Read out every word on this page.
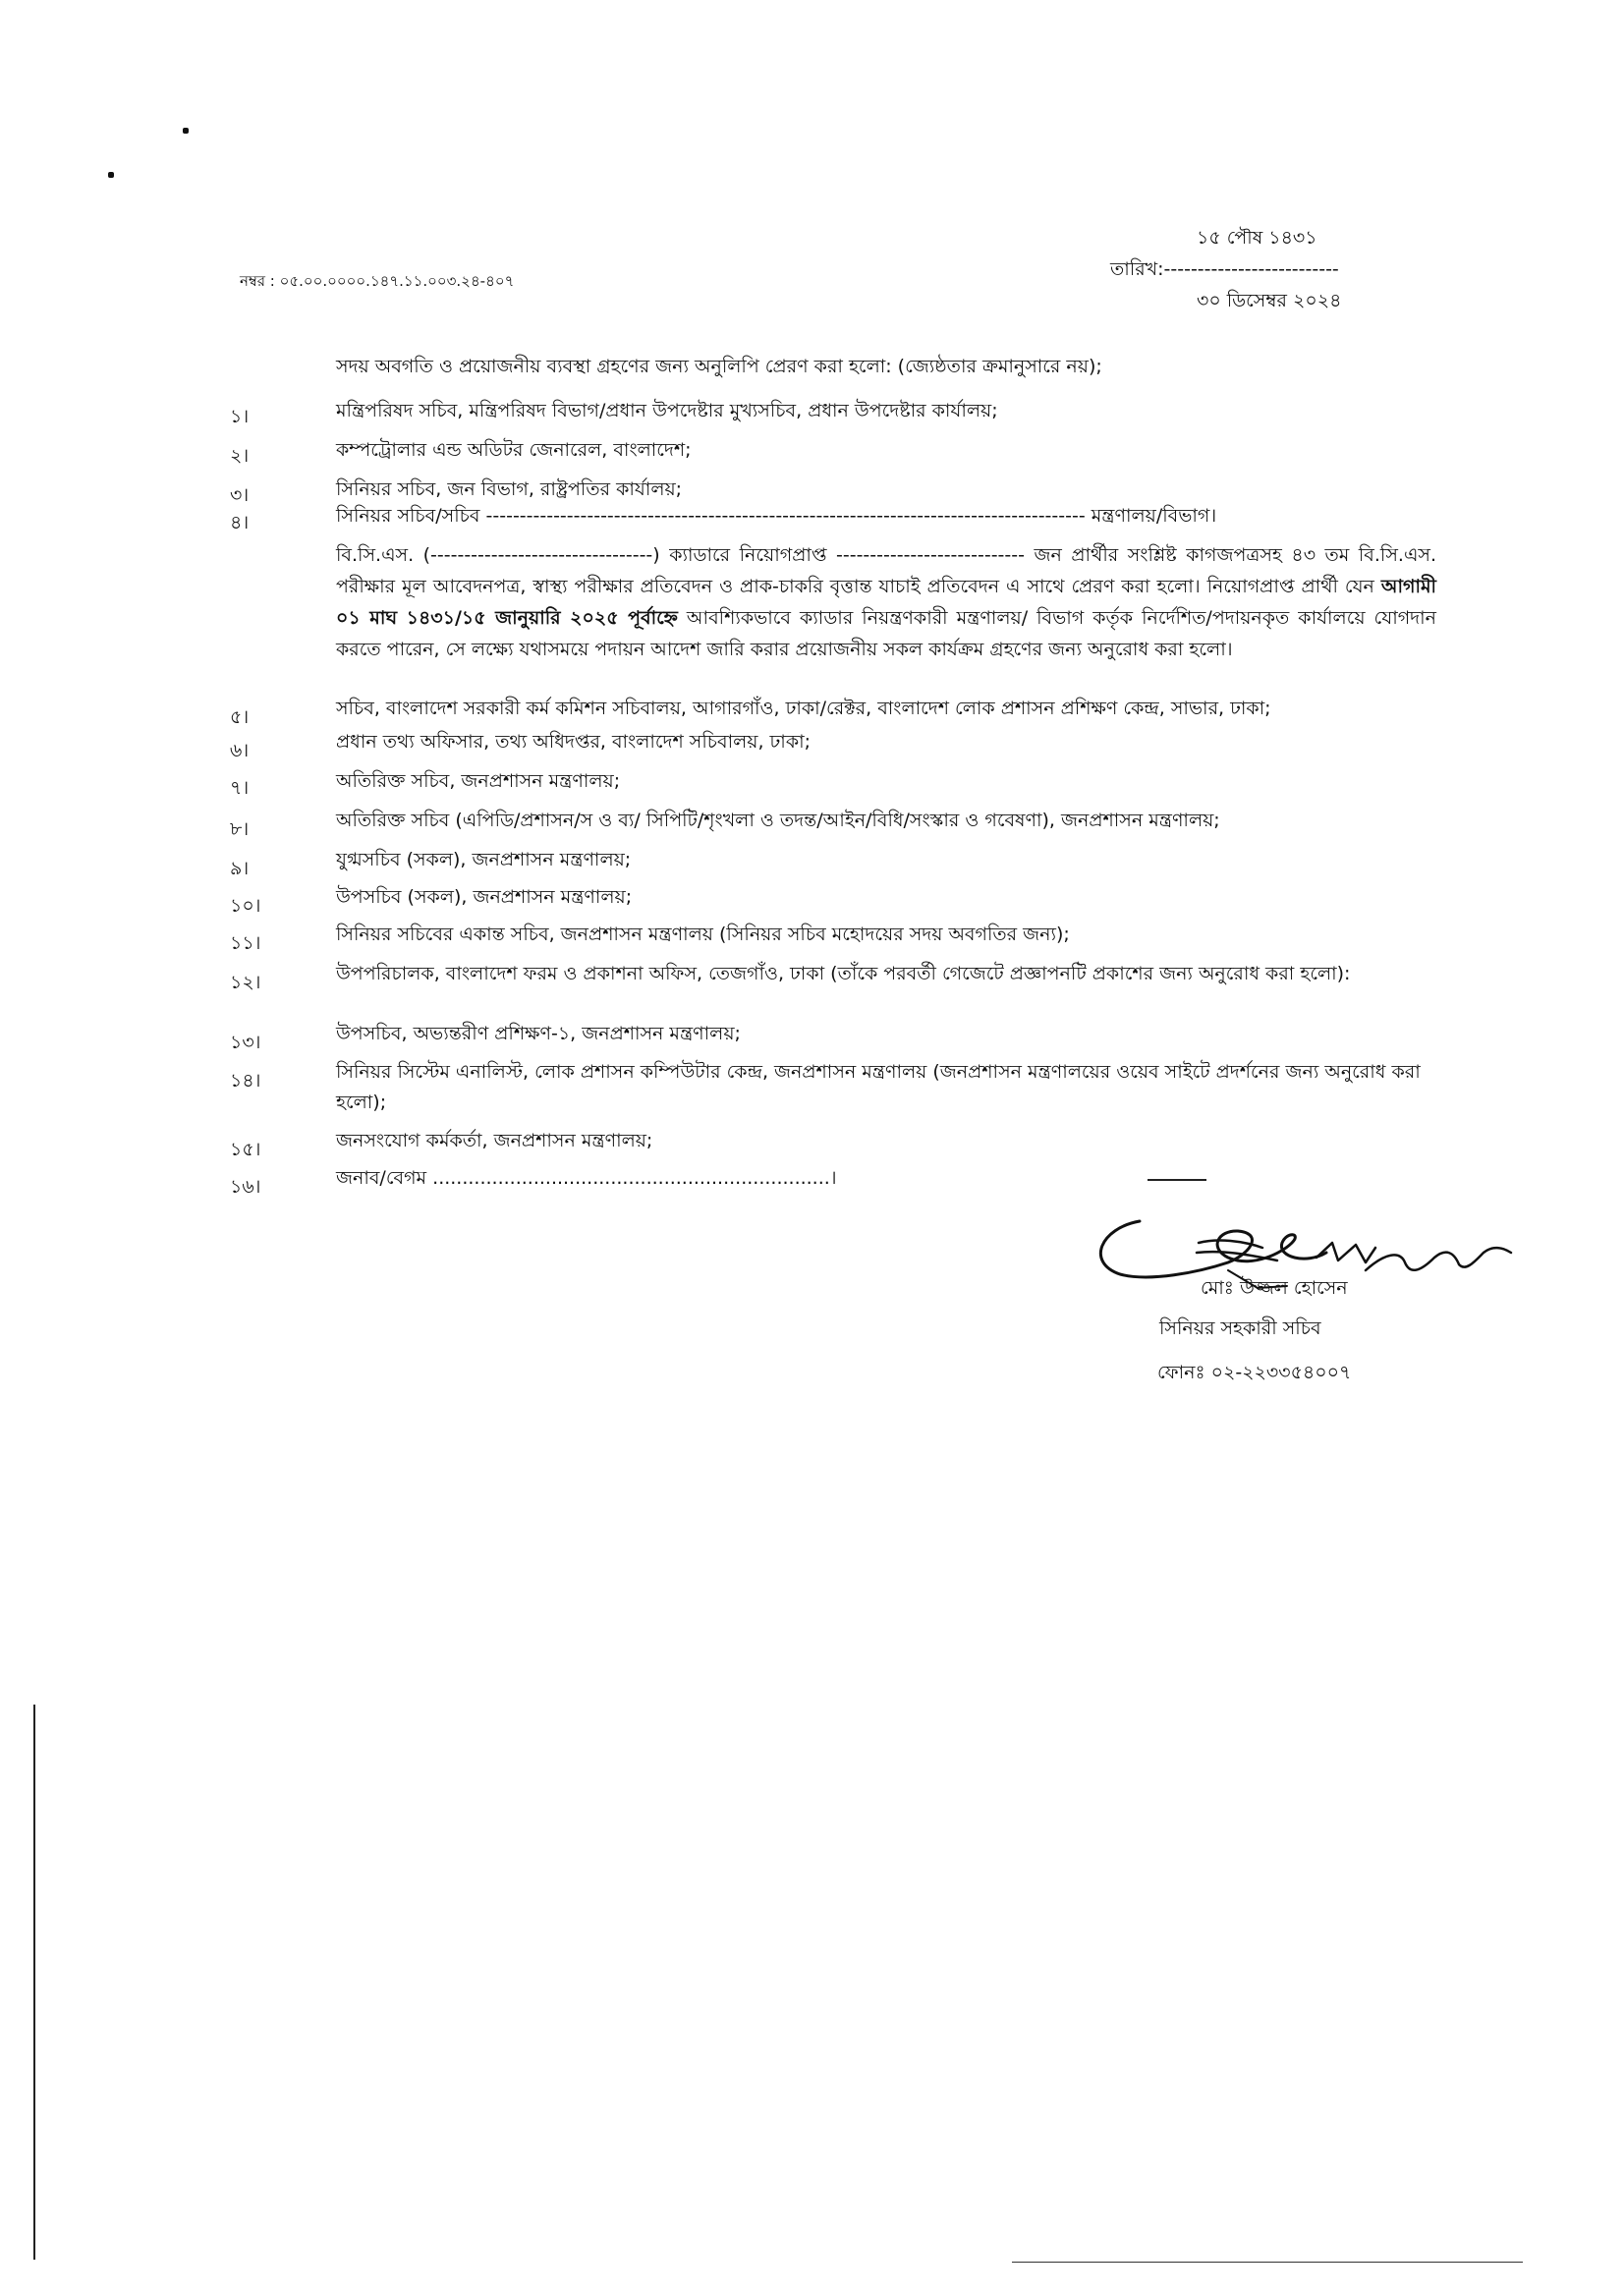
নম্বর : ০৫.০০.০০০০.১৪৭.১১.০০৩.২৪-৪০৭
১৫ পৌষ ১৪৩১
তারিখ:--------------------------
৩০ ডিসেম্বর ২০২৪
সদয় অবগতি ও প্রয়োজনীয় ব্যবস্থা গ্রহণের জন্য অনুলিপি প্রেরণ করা হলো: (জ্যেষ্ঠতার ক্রমানুসারে নয়);
১।	মন্ত্রিপরিষদ সচিব, মন্ত্রিপরিষদ বিভাগ/প্রধান উপদেষ্টার মুখ্যসচিব, প্রধান উপদেষ্টার কার্যালয়;
২।	কম্পট্রোলার এন্ড অডিটর জেনারেল, বাংলাদেশ;
৩।	সিনিয়র সচিব, জন বিভাগ, রাষ্ট্রপতির কার্যালয়;
৪।	সিনিয়র সচিব/সচিব ----------------------------------------------------------------------------------------- মন্ত্রণালয়/বিভাগ।
বি.সি.এস. (---------------------------------) ক্যাডারে নিয়োগপ্রাপ্ত ---------------------------- জন প্রার্থীর সংশ্লিষ্ট কাগজপত্রসহ ৪৩ তম বি.সি.এস. পরীক্ষার মূল আবেদনপত্র, স্বাস্থ্য পরীক্ষার প্রতিবেদন ও প্রাক-চাকরি বৃত্তান্ত যাচাই প্রতিবেদন এ সাথে প্রেরণ করা হলো। নিয়োগপ্রাপ্ত প্রার্থী যেন আগামী ০১ মাঘ ১৪৩১/১৫ জানুয়ারি ২০২৫ পূর্বাহ্নে আবশ্যিকভাবে ক্যাডার নিয়ন্ত্রণকারী মন্ত্রণালয়/ বিভাগ কর্তৃক নির্দেশিত/পদায়নকৃত কার্যালয়ে যোগদান করতে পারেন, সে লক্ষ্যে যথাসময়ে পদায়ন আদেশ জারি করার প্রয়োজনীয় সকল কার্যক্রম গ্রহণের জন্য অনুরোধ করা হলো।
৫।	সচিব, বাংলাদেশ সরকারী কর্ম কমিশন সচিবালয়, আগারগাঁও, ঢাকা/রেক্টর, বাংলাদেশ লোক প্রশাসন প্রশিক্ষণ কেন্দ্র, সাভার, ঢাকা;
৬।	প্রধান তথ্য অফিসার, তথ্য অধিদপ্তর, বাংলাদেশ সচিবালয়, ঢাকা;
৭।	অতিরিক্ত সচিব, জনপ্রশাসন মন্ত্রণালয়;
৮।	অতিরিক্ত সচিব (এপিডি/প্রশাসন/স ও ব্য/ সিপিটি/শৃংখলা ও তদন্ত/আইন/বিধি/সংস্কার ও গবেষণা), জনপ্রশাসন মন্ত্রণালয়;
৯।	যুগ্মসচিব (সকল), জনপ্রশাসন মন্ত্রণালয়;
১০।	উপসচিব (সকল), জনপ্রশাসন মন্ত্রণালয়;
১১।	সিনিয়র সচিবের একান্ত সচিব, জনপ্রশাসন মন্ত্রণালয় (সিনিয়র সচিব মহোদয়ের সদয় অবগতির জন্য);
১২।	উপপরিচালক, বাংলাদেশ ফরম ও প্রকাশনা অফিস, তেজগাঁও, ঢাকা (তাঁকে পরবর্তী গেজেটে প্রজ্ঞাপনটি প্রকাশের জন্য অনুরোধ করা হলো):
১৩।	উপসচিব, অভ্যন্তরীণ প্রশিক্ষণ-১, জনপ্রশাসন মন্ত্রণালয়;
১৪।	সিনিয়র সিস্টেম এনালিস্ট, লোক প্রশাসন কম্পিউটার কেন্দ্র, জনপ্রশাসন মন্ত্রণালয় (জনপ্রশাসন মন্ত্রণালয়ের ওয়েব সাইটে প্রদর্শনের জন্য অনুরোধ করা হলো);
১৫।	জনসংযোগ কর্মকর্তা, জনপ্রশাসন মন্ত্রণালয়;
১৬।	জনাব/বেগম ...................................................................।
মোঃ উজ্জল হোসেন
সিনিয়র সহকারী সচিব
ফোনঃ ০২-২২৩৩৫৪০০৭
